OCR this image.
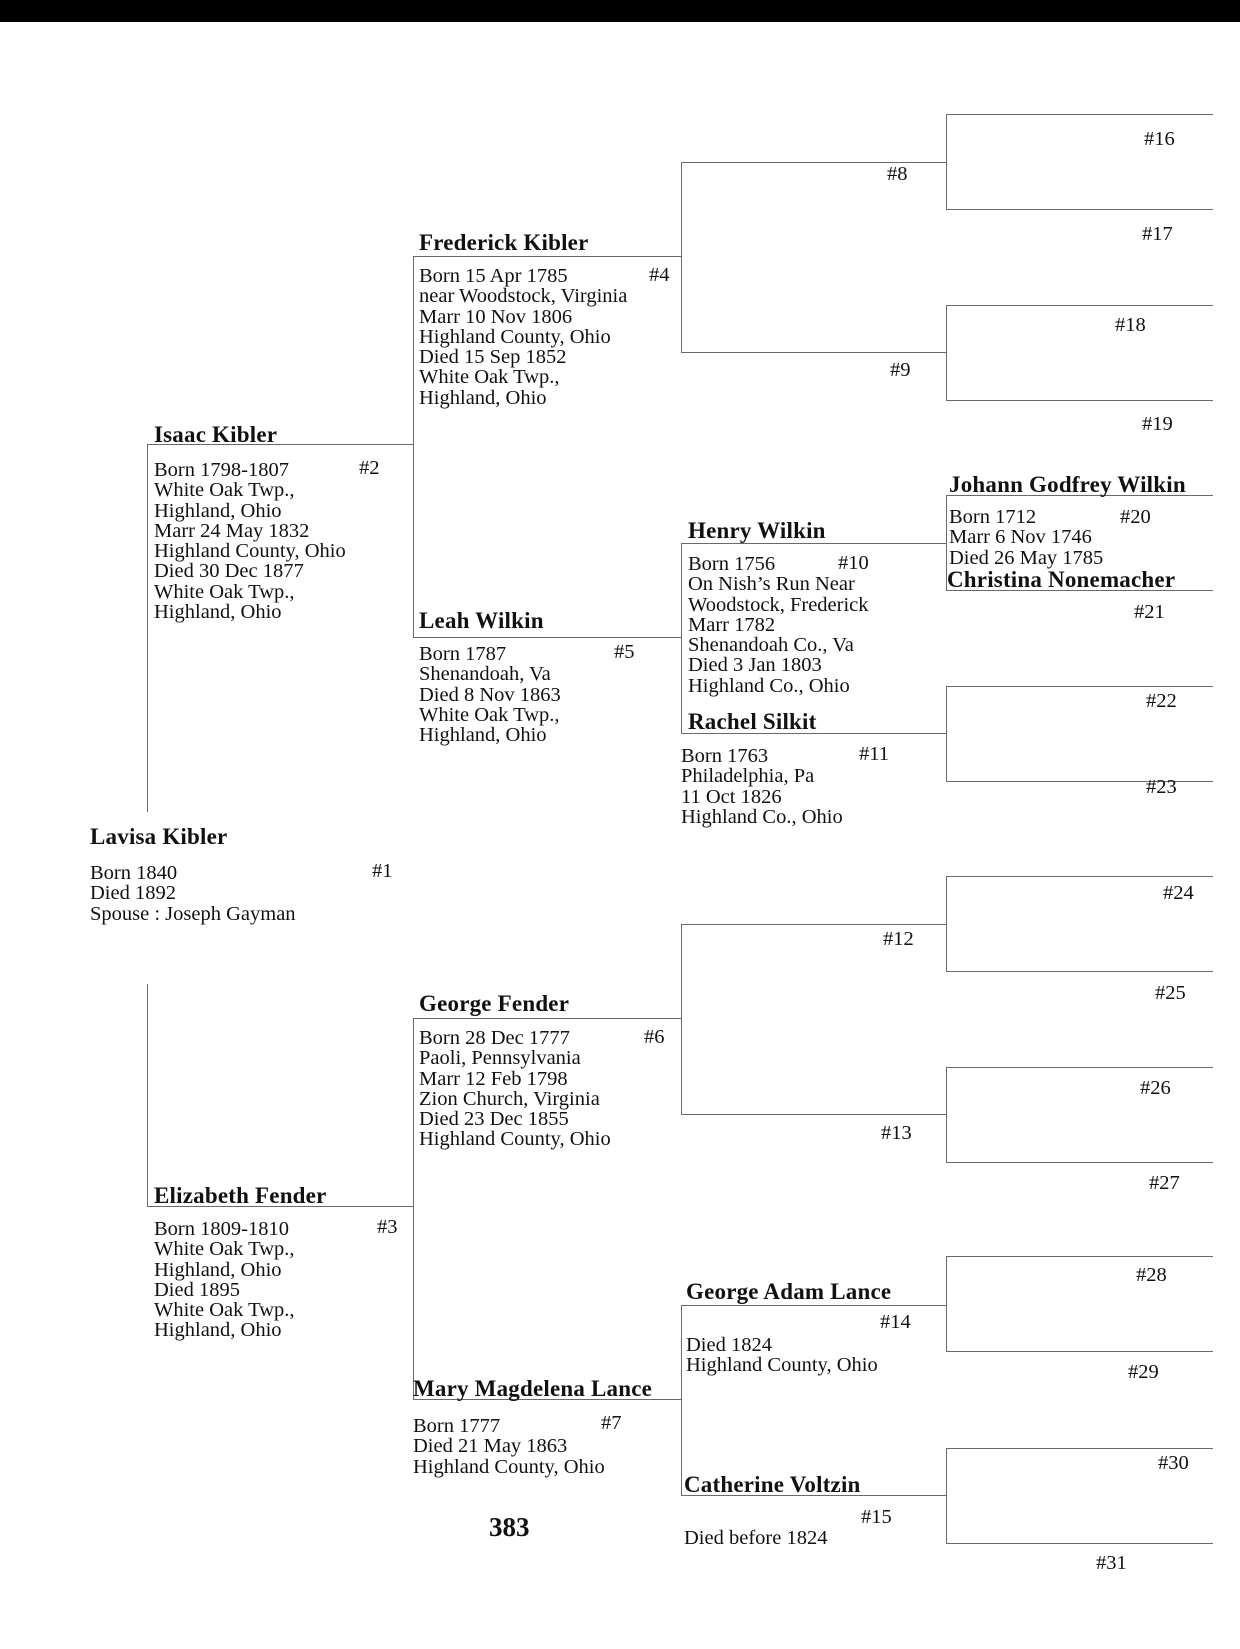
Lavisa Kibler
#1
Born 1840
Died 1892
Spouse : Joseph Gayman
Isaac Kibler
#2
Born 1798-1807
White Oak Twp.,
Highland, Ohio
Marr 24 May 1832
Highland County, Ohio
Died 30 Dec 1877
White Oak Twp.,
Highland, Ohio
Elizabeth Fender
#3
Born 1809-1810
White Oak Twp.,
Highland, Ohio
Died 1895
White Oak Twp.,
Highland, Ohio
Frederick Kibler
#4
Born 15 Apr 1785
near Woodstock, Virginia
Marr 10 Nov 1806
Highland County, Ohio
Died 15 Sep 1852
White Oak Twp.,
Highland, Ohio
Leah Wilkin
#5
Born 1787
Shenandoah, Va
Died 8 Nov 1863
White Oak Twp.,
Highland, Ohio
George Fender
#6
Born 28 Dec 1777
Paoli, Pennsylvania
Marr 12 Feb 1798
Zion Church, Virginia
Died 23 Dec 1855
Highland County, Ohio
Mary Magdelena Lance
#7
Born 1777
Died 21 May 1863
Highland County, Ohio
#8
#9
Henry Wilkin
#10
Born 1756
On Nish’s Run Near
Woodstock, Frederick
Marr 1782
Shenandoah Co., Va
Died 3 Jan 1803
Highland Co., Ohio
Rachel Silkit
#11
Born 1763
Philadelphia, Pa
11 Oct 1826
Highland Co., Ohio
#12
#13
George Adam Lance
#14
Died 1824
Highland County, Ohio
Catherine Voltzin
#15
Died before 1824
#16
#17
#18
#19
Johann Godfrey Wilkin
#20
Born 1712
Marr 6 Nov 1746
Died 26 May 1785
Christina Nonemacher
#21
#22
#23
#24
#25
#26
#27
#28
#29
#30
#31
383
